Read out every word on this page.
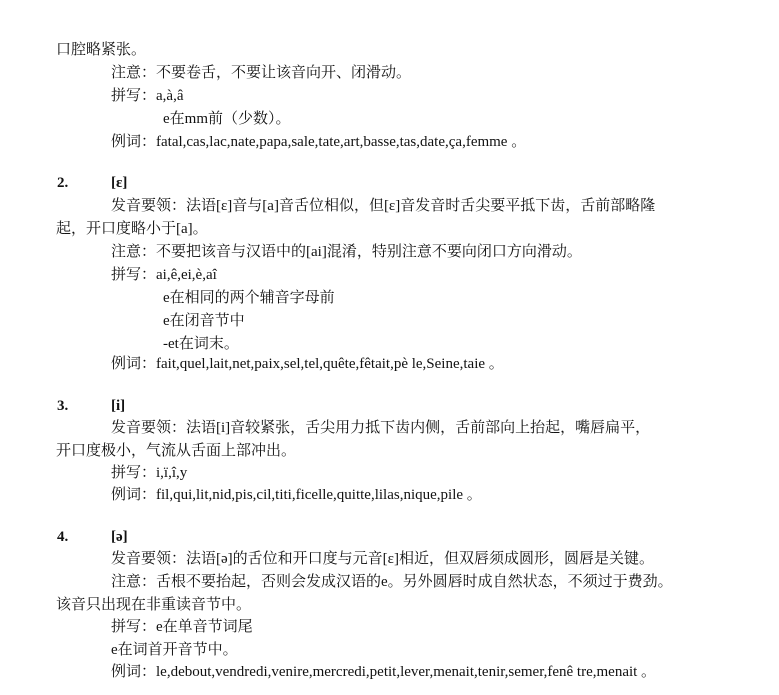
口腔略紧张。
注意：不要卷舌，不要让该音向开、闭滑动。
拼写：a,à,â
e在mm前（少数）。
例词：fatal,cas,lac,nate,papa,sale,tate,art,basse,tas,date,ça,femme 。
2.	[ɛ]
发音要领：法语[ɛ]音与[a]音舌位相似，但[ɛ]音发音时舌尖要平抵下齿，舌前部略隆
起，开口度略小于[a]。
注意：不要把该音与汉语中的[ai]混淆，特别注意不要向闭口方向滑动。
拼写：ai,ê,ei,è,aî
e在相同的两个辅音字母前
e在闭音节中
-et在词末。
例词：fait,quel,lait,net,paix,sel,tel,quête,fêtait,pè le,Seine,taie 。
3.	[i]
发音要领：法语[i]音较紧张，舌尖用力抵下齿内侧，舌前部向上抬起，嘴唇扁平，
开口度极小，气流从舌面上部冲出。
拼写：i,ï,î,y
例词：fil,qui,lit,nid,pis,cil,titi,ficelle,quitte,lilas,nique,pile 。
4.	[ə]
发音要领：法语[ə]的舌位和开口度与元音[ɛ]相近，但双唇须成圆形，圆唇是关键。
注意：舌根不要抬起，否则会发成汉语的e。另外圆唇时成自然状态，不须过于费劲。
该音只出现在非重读音节中。
拼写：e在单音节词尾
e在词首开音节中。
例词：le,debout,vendredi,venire,mercredi,petit,lever,menait,tenir,semer,fenê tre,menait 。
